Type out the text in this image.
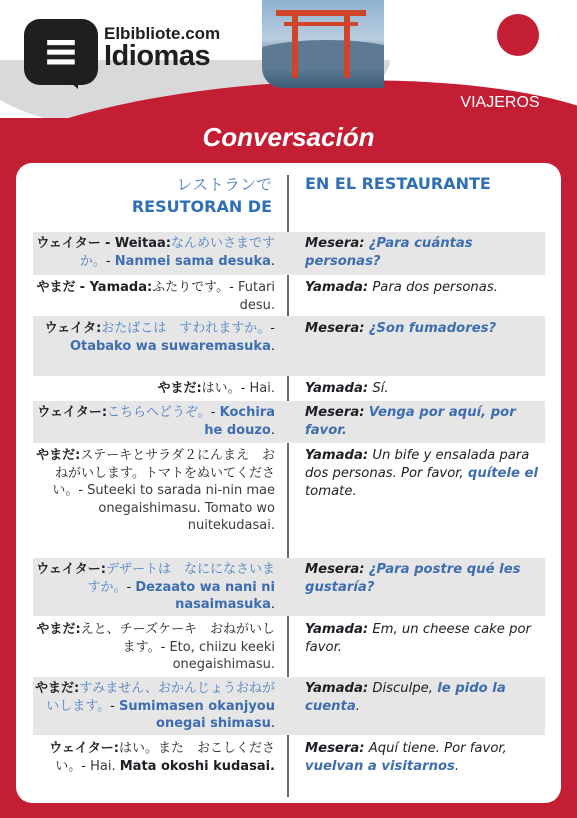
≡ Elbibliote.com
Idiomas
JAPONÉS
VIAJEROS
Conversación
レストランで
RESUTORAN DE
EN EL RESTAURANTE
ウェイター - Weitaa:なんめいさまですか。- Nanmei sama desuka.
Mesera: ¿Para cuántas personas?
やまだ - Yamada:ふたりです。- Futari desu.
Yamada: Para dos personas.
ウェイタ:おたばこは　すわれますか。- Otabako wa suwaremasuka.
Mesera: ¿Son fumadores?
やまだ:はい。- Hai. Yamada: Sí.
ウェイター:こちらへどうぞ。- Kochira he douzo.
Mesera: Venga por aquí, por favor.
やまだ:ステーキとサラダ２にんまえ　おねがいします。トマトをぬいてください。- Suteeki to sarada ni-nin mae onegaishimasu. Tomato wo nuitekudasai.
Yamada: Un bife y ensalada para dos personas. Por favor, quítele el tomate.
ウェイター:デザートは　なにになさいますか。- Dezaato wa nani ni nasaimasuka.
Mesera: ¿Para postre qué les gustaría?
やまだ:えと、チーズケーキ　おねがいします。- Eto, chiizu keeki onegaishimasu.
Yamada: Em, un cheese cake por favor.
やまだ:すみません、おかんじょうおねがいします。- Sumimasen okanjyou onegai shimasu.
Yamada: Disculpe, le pido la cuenta.
ウェイター:はい。また　おこしください。- Hai. Mata okoshi kudasai.
Mesera: Aquí tiene. Por favor, vuelvan a visitarnos.
